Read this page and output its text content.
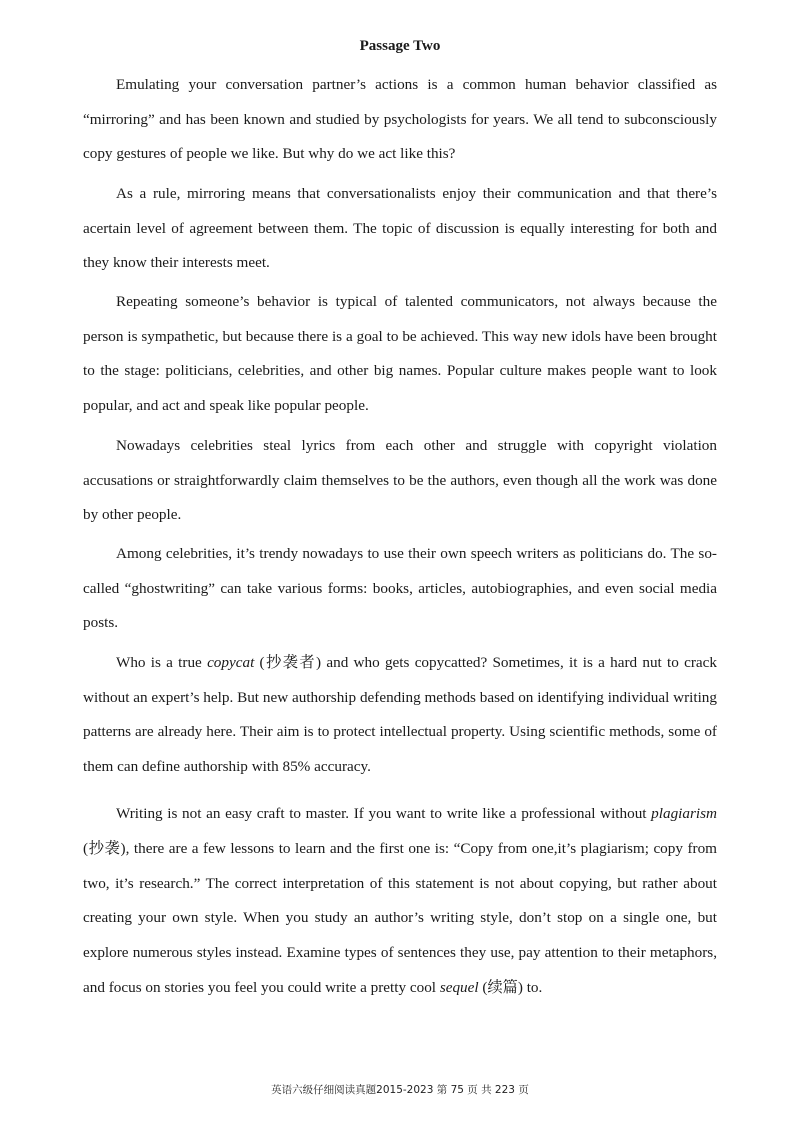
Passage Two

Emulating your conversation partner’s actions is a common human behavior classified as “mirroring” and has been known and studied by psychologists for years. We all tend to subconsciously copy gestures of people we like. But why do we act like this?

As a rule, mirroring means that conversationalists enjoy their communication and that there’s acertain level of agreement between them. The topic of discussion is equally interesting for both and they know their interests meet.

Repeating someone’s behavior is typical of talented communicators, not always because the person is sympathetic, but because there is a goal to be achieved. This way new idols have been brought to the stage: politicians, celebrities, and other big names. Popular culture makes people want to look popular, and act and speak like popular people.

Nowadays celebrities steal lyrics from each other and struggle with copyright violation accusations or straightforwardly claim themselves to be the authors, even though all the work was done by other people.

Among celebrities, it’s trendy nowadays to use their own speech writers as politicians do. The so-called “ghostwriting” can take various forms: books, articles, autobiographies, and even social media posts.

Who is a true copycat (抄袭者) and who gets copycatted? Sometimes, it is a hard nut to crack without an expert’s help. But new authorship defending methods based on identifying individual writing patterns are already here. Their aim is to protect intellectual property. Using scientific methods, some of them can define authorship with 85% accuracy.

Writing is not an easy craft to master. If you want to write like a professional without plagiarism (抄袭), there are a few lessons to learn and the first one is: “Copy from one,it’s plagiarism; copy from two, it’s research.” The correct interpretation of this statement is not about copying, but rather about creating your own style. When you study an author’s writing style, don’t stop on a single one, but explore numerous styles instead. Examine types of sentences they use, pay attention to their metaphors, and focus on stories you feel you could write a pretty cool sequel (续篇) to.

英语六级仔细阅读真题2015-2023 第 75 页 共 223 页
